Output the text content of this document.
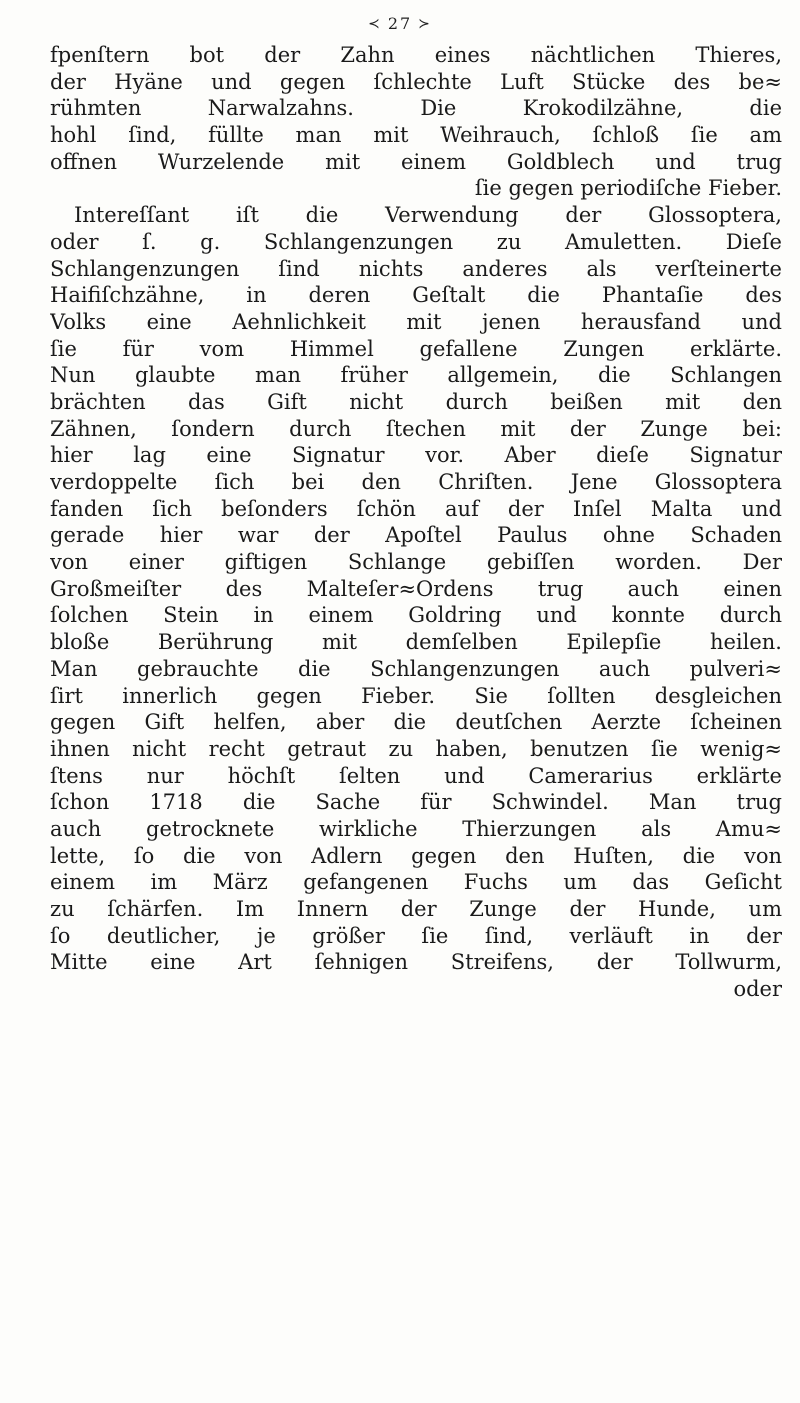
≺ 27 ≻
fpenſtern bot der Zahn eines nächtlichen Thieres,
der Hyäne und gegen ſchlechte Luft Stücke des be≈
rühmten Narwalzahns. Die Krokodilzähne, die
hohl ſind, füllte man mit Weihrauch, ſchloß ſie am
offnen Wurzelende mit einem Goldblech und trug
ſie gegen periodiſche Fieber.
Intereſſant iſt die Verwendung der Glossoptera,
oder ſ. g. Schlangenzungen zu Amuletten. Dieſe
Schlangenzungen ſind nichts anderes als verſteinerte
Haifiſchzähne, in deren Geſtalt die Phantaſie des
Volks eine Aehnlichkeit mit jenen herausfand und
ſie für vom Himmel gefallene Zungen erklärte.
Nun glaubte man früher allgemein, die Schlangen
brächten das Gift nicht durch beißen mit den
Zähnen, ſondern durch ſtechen mit der Zunge bei:
hier lag eine Signatur vor. Aber dieſe Signatur
verdoppelte ſich bei den Chriſten. Jene Glossoptera
fanden ſich beſonders ſchön auf der Inſel Malta und
gerade hier war der Apoſtel Paulus ohne Schaden
von einer giftigen Schlange gebiſſen worden. Der
Großmeiſter des Malteſer≈Ordens trug auch einen
ſolchen Stein in einem Goldring und konnte durch
bloße Berührung mit demſelben Epilepſie heilen.
Man gebrauchte die Schlangenzungen auch pulveri≈
ſirt innerlich gegen Fieber. Sie ſollten desgleichen
gegen Gift helfen, aber die deutſchen Aerzte ſcheinen
ihnen nicht recht getraut zu haben, benutzen ſie wenig≈
ſtens nur höchſt ſelten und Camerarius erklärte
ſchon 1718 die Sache für Schwindel. Man trug
auch getrocknete wirkliche Thierzungen als Amu≈
lette, ſo die von Adlern gegen den Huſten, die von
einem im März gefangenen Fuchs um das Geſicht
zu ſchärfen. Im Innern der Zunge der Hunde, um
ſo deutlicher, je größer ſie ſind, verläuft in der
Mitte eine Art ſehnigen Streifens, der Tollwurm,
oder
